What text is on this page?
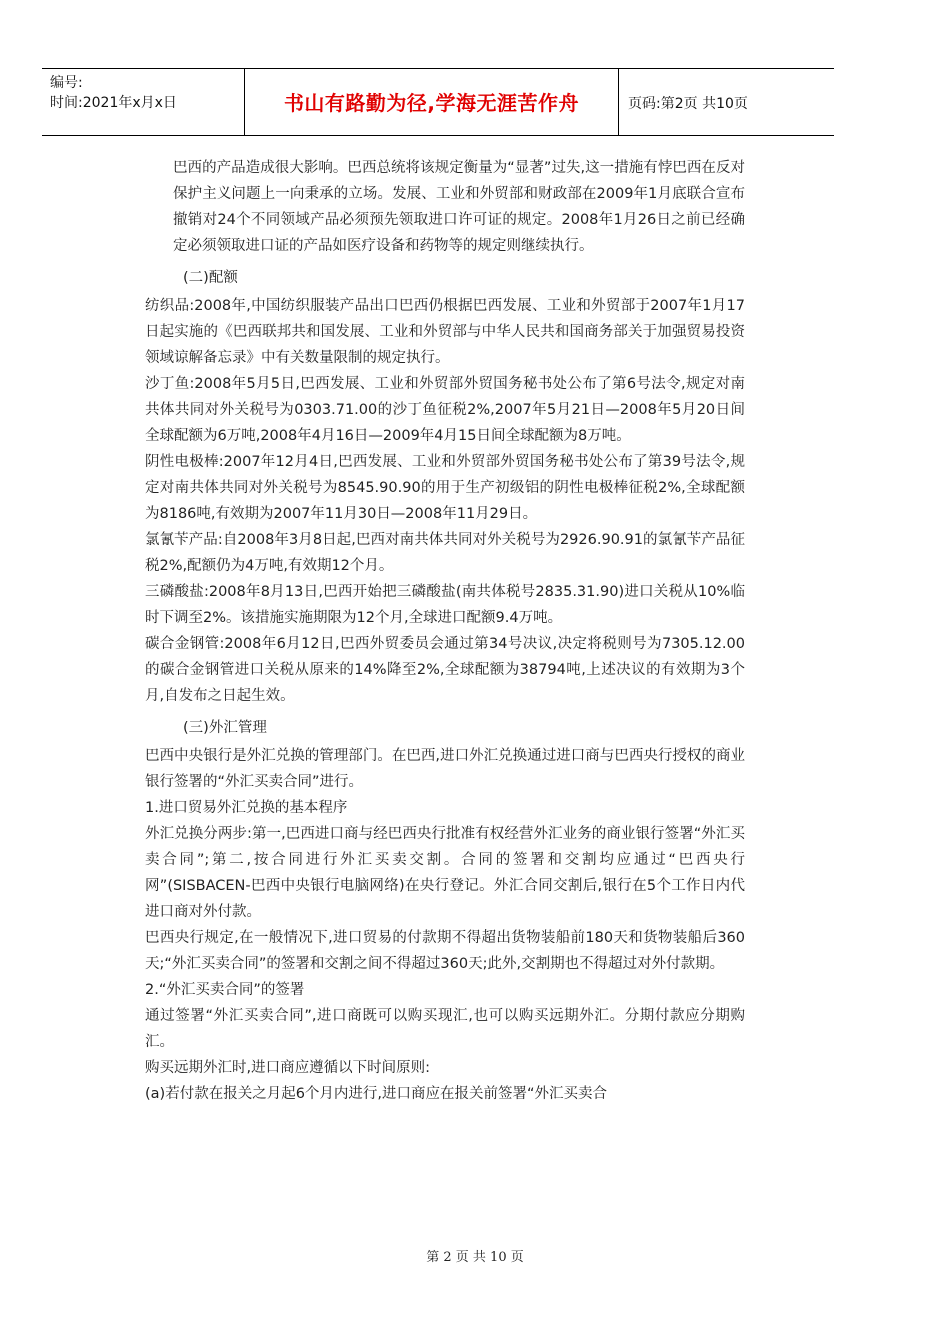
编号:
时间:2021年x月x日	书山有路勤为径,学海无涯苦作舟	页码:第2页 共10页

巴西的产品造成很大影响。巴西总统将该规定衡量为“显著”过失,这一措施有悖巴西在反对保护主义问题上一向秉承的立场。发展、工业和外贸部和财政部在2009年1月底联合宣布撤销对24个不同领域产品必须预先领取进口许可证的规定。2008年1月26日之前已经确定必须领取进口证的产品如医疗设备和药物等的规定则继续执行。

(二)配额

纺织品:2008年,中国纺织服装产品出口巴西仍根据巴西发展、工业和外贸部于2007年1月17日起实施的《巴西联邦共和国发展、工业和外贸部与中华人民共和国商务部关于加强贸易投资领域谅解备忘录》中有关数量限制的规定执行。

沙丁鱼:2008年5月5日,巴西发展、工业和外贸部外贸国务秘书处公布了第6号法令,规定对南共体共同对外关税号为0303.71.00的沙丁鱼征税2%,2007年5月21日—2008年5月20日间全球配额为6万吨,2008年4月16日—2009年4月15日间全球配额为8万吨。

阴性电极棒:2007年12月4日,巴西发展、工业和外贸部外贸国务秘书处公布了第39号法令,规定对南共体共同对外关税号为8545.90.90的用于生产初级铝的阴性电极棒征税2%,全球配额为8186吨,有效期为2007年11月30日—2008年11月29日。

氯氰苄产品:自2008年3月8日起,巴西对南共体共同对外关税号为2926.90.91的氯氰苄产品征税2%,配额仍为4万吨,有效期12个月。

三磷酸盐:2008年8月13日,巴西开始把三磷酸盐(南共体税号2835.31.90)进口关税从10%临时下调至2%。该措施实施期限为12个月,全球进口配额9.4万吨。

碳合金钢管:2008年6月12日,巴西外贸委员会通过第34号决议,决定将税则号为7305.12.00的碳合金钢管进口关税从原来的14%降至2%,全球配额为38794吨,上述决议的有效期为3个月,自发布之日起生效。

(三)外汇管理

巴西中央银行是外汇兑换的管理部门。在巴西,进口外汇兑换通过进口商与巴西央行授权的商业银行签署的“外汇买卖合同”进行。

1.进口贸易外汇兑换的基本程序

外汇兑换分两步:第一,巴西进口商与经巴西央行批准有权经营外汇业务的商业银行签署“外汇买卖合同”;第二,按合同进行外汇买卖交割。合同的签署和交割均应通过“巴西央行网”(SISBACEN-巴西中央银行电脑网络)在央行登记。外汇合同交割后,银行在5个工作日内代进口商对外付款。

巴西央行规定,在一般情况下,进口贸易的付款期不得超出货物装船前180天和货物装船后360天;“外汇买卖合同”的签署和交割之间不得超过360天;此外,交割期也不得超过对外付款期。

2.“外汇买卖合同”的签署

通过签署“外汇买卖合同”,进口商既可以购买现汇,也可以购买远期外汇。分期付款应分期购汇。

购买远期外汇时,进口商应遵循以下时间原则:

(a)若付款在报关之月起6个月内进行,进口商应在报关前签署“外汇买卖合

第 2 页 共 10 页
